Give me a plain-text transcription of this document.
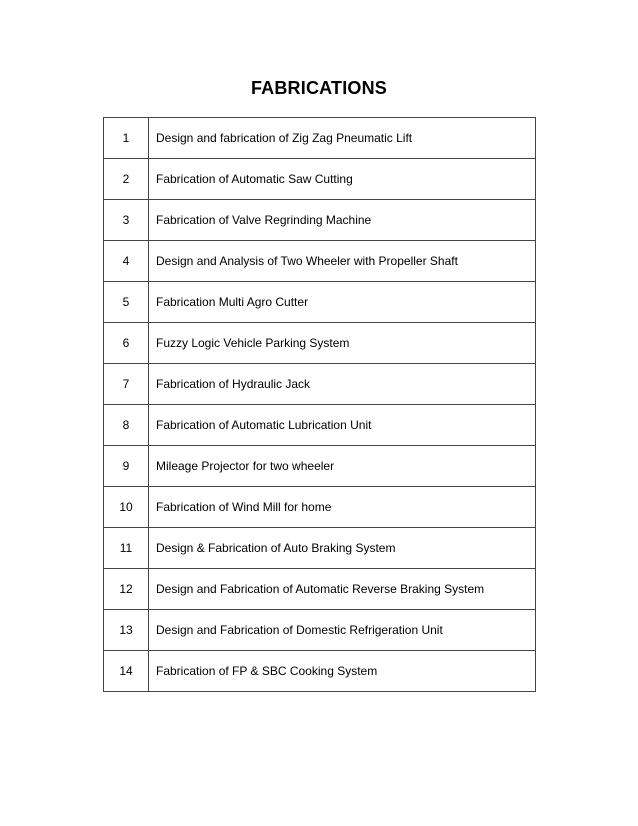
FABRICATIONS
1	Design and fabrication of Zig Zag Pneumatic Lift
2	Fabrication of Automatic Saw Cutting
3	Fabrication of Valve Regrinding Machine
4	Design and Analysis of Two Wheeler with Propeller Shaft
5	Fabrication Multi Agro Cutter
6	Fuzzy Logic Vehicle Parking System
7	Fabrication of Hydraulic Jack
8	Fabrication of Automatic Lubrication Unit
9	Mileage Projector for two wheeler
10	Fabrication of Wind Mill for home
11	Design & Fabrication of Auto Braking System
12	Design and Fabrication of Automatic Reverse Braking System
13	Design and Fabrication of Domestic Refrigeration Unit
14	Fabrication of FP & SBC Cooking System
